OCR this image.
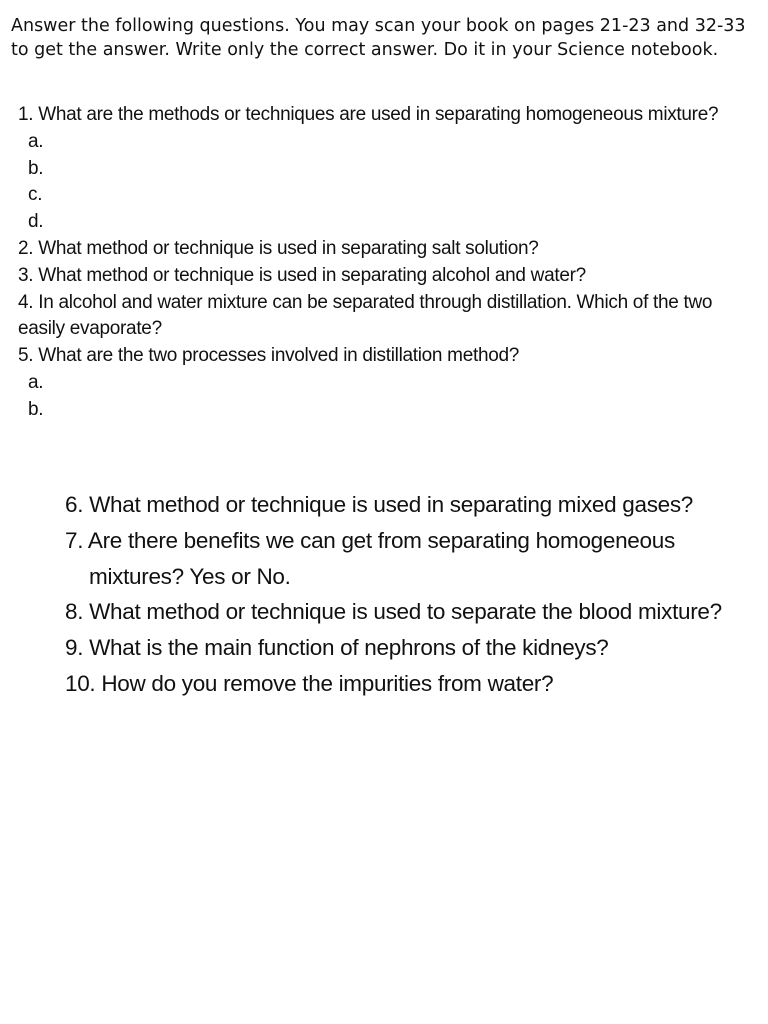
Answer the following questions. You may scan your book on pages 21-23 and 32-33 to get the answer. Write only the correct answer. Do it in your Science notebook.

1. What are the methods or techniques are used in separating homogeneous mixture?
a.
b.
c.
d.
2. What method or technique is used in separating salt solution?
3. What method or technique is used in separating alcohol and water?
4. In alcohol and water mixture can be separated through distillation. Which of the two
easily evaporate?
5. What are the two processes involved in distillation method?
a.
b.
6. What method or technique is used in separating mixed gases?
7. Are there benefits we can get from separating homogeneous
mixtures? Yes or No.
8. What method or technique is used to separate the blood mixture?
9. What is the main function of nephrons of the kidneys?
10. How do you remove the impurities from water?
